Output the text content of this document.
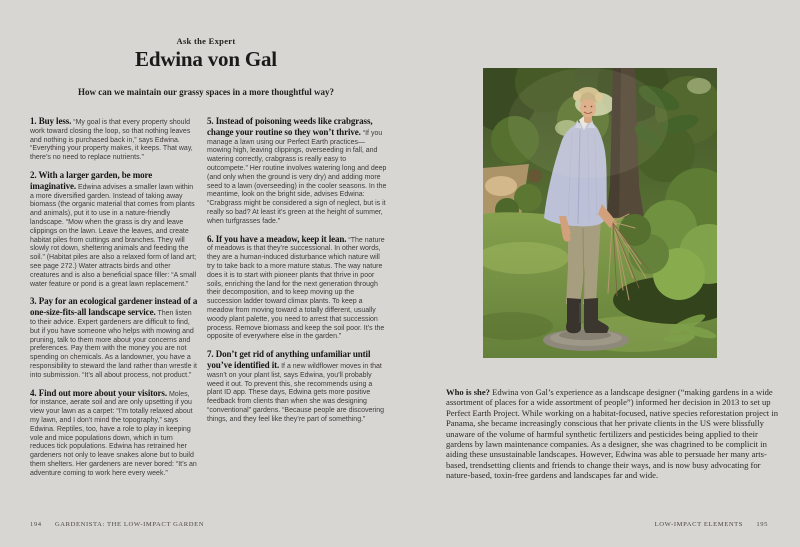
Ask the Expert
Edwina von Gal

How can we maintain our grassy spaces in a more thoughtful way?

1. Buy less. “My goal is that every property should work toward closing the loop, so that nothing leaves and nothing is purchased back in,” says Edwina. “Everything your property makes, it keeps. That way, there’s no need to replace nutrients.”

2. With a larger garden, be more imaginative. Edwina advises a smaller lawn within a more diversified garden. Instead of taking away biomass (the organic material that comes from plants and animals), put it to use in a nature-friendly landscape. “Mow when the grass is dry and leave clippings on the lawn. Leave the leaves, and create habitat piles from cuttings and branches. They will slowly rot down, sheltering animals and feeding the soil.” (Habitat piles are also a relaxed form of land art; see page 272.) Water attracts birds and other creatures and is also a beneficial space filler: “A small water feature or pond is a great lawn replacement.”

3. Pay for an ecological gardener instead of a one-size-fits-all landscape service. Then listen to their advice. Expert gardeners are difficult to find, but if you have someone who helps with mowing and pruning, talk to them more about your concerns and preferences. Pay them with the money you are not spending on chemicals. As a landowner, you have a responsibility to steward the land rather than wrestle it into submission. “It’s all about process, not product.”

4. Find out more about your visitors. Moles, for instance, aerate soil and are only upsetting if you view your lawn as a carpet: “I’m totally relaxed about my lawn, and I don’t mind the topography,” says Edwina. Reptiles, too, have a role to play in keeping vole and mice populations down, which in turn reduces tick populations. Edwina has retrained her gardeners not only to leave snakes alone but to build them shelters. Her gardeners are never bored: “It’s an adventure coming to work here every week.”

5. Instead of poisoning weeds like crabgrass, change your routine so they won’t thrive. “If you manage a lawn using our Perfect Earth practices—mowing high, leaving clippings, overseeding in fall, and watering correctly, crabgrass is really easy to outcompete.” Her routine involves watering long and deep (and only when the ground is very dry) and adding more seed to a lawn (overseeding) in the cooler seasons. In the meantime, look on the bright side, advises Edwina: “Crabgrass might be considered a sign of neglect, but is it really so bad? At least it’s green at the height of summer, when turfgrasses fade.”

6. If you have a meadow, keep it lean. “The nature of meadows is that they’re successional. In other words, they are a human-induced disturbance which nature will try to take back to a more mature status. The way nature does it is to start with pioneer plants that thrive in poor soils, enriching the land for the next generation through their decomposition, and to keep moving up the succession ladder toward climax plants. To keep a meadow from moving toward a totally different, usually woody plant palette, you need to arrest that succession process. Remove biomass and keep the soil poor. It’s the opposite of everywhere else in the garden.”

7. Don’t get rid of anything unfamiliar until you’ve identified it. If a new wildflower moves in that wasn’t on your plant list, says Edwina, you’ll probably weed it out. To prevent this, she recommends using a plant ID app. These days, Edwina gets more positive feedback from clients than when she was designing “conventional” gardens. “Because people are discovering things, and they feel like they’re part of something.”

Who is she? Edwina von Gal’s experience as a landscape designer (“making gardens in a wide assortment of places for a wide assortment of people”) informed her decision in 2013 to set up Perfect Earth Project. While working on a habitat-focused, native species reforestation project in Panama, she became increasingly conscious that her private clients in the US were blissfully unaware of the volume of harmful synthetic fertilizers and pesticides being applied to their gardens by lawn maintenance companies. As a designer, she was chagrined to be complicit in aiding these unsustainable landscapes. However, Edwina was able to persuade her many arts-based, trendsetting clients and friends to change their ways, and is now busy advocating for nature-based, toxin-free gardens and landscapes far and wide.

194 GARDENISTA: THE LOW-IMPACT GARDEN	LOW-IMPACT ELEMENTS 195
